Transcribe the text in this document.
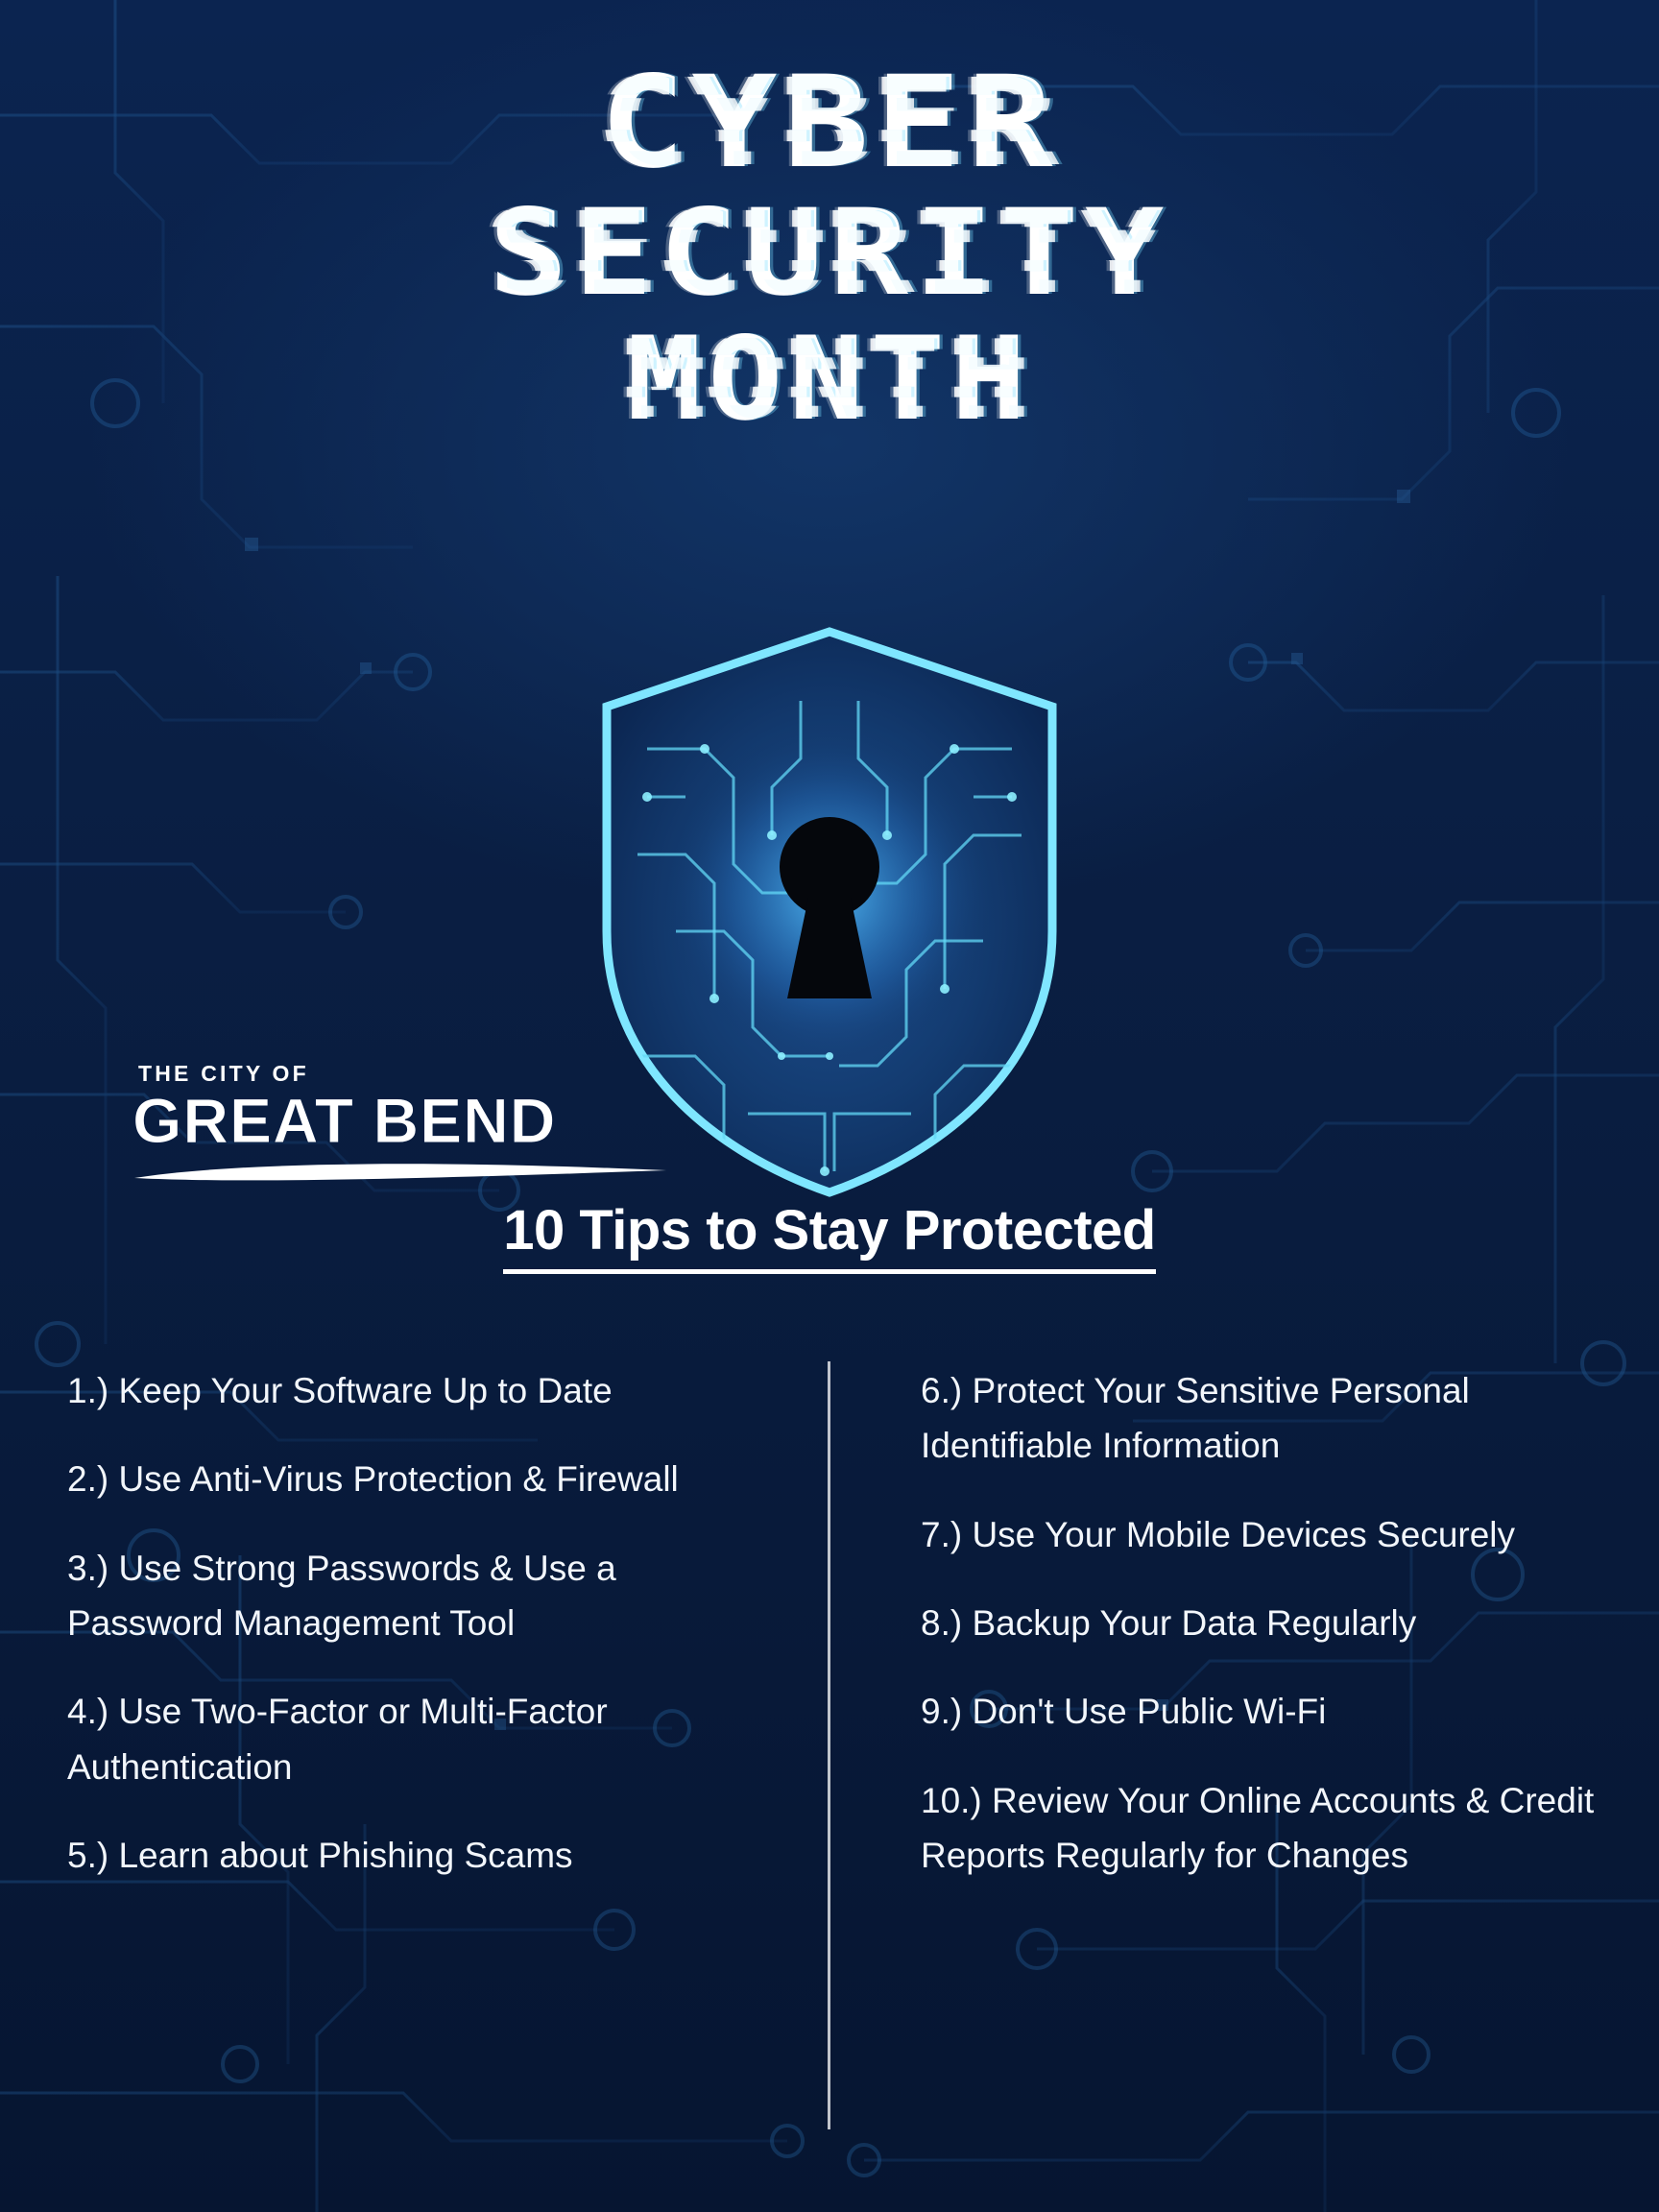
CYBER CYBER CYBER
SECURITY SECURITY SECURITY
MONTH MONTH MONTH
THE CITY OF
GREAT BEND
10 Tips to Stay Protected
1.) Keep Your Software Up to Date
2.) Use Anti-Virus Protection & Firewall
3.) Use Strong Passwords & Use a Password Management Tool
4.) Use Two-Factor or Multi-Factor Authentication
5.) Learn about Phishing Scams
6.) Protect Your Sensitive Personal Identifiable Information
7.) Use Your Mobile Devices Securely
8.) Backup Your Data Regularly
9.) Don't Use Public Wi-Fi
10.) Review Your Online Accounts & Credit Reports Regularly for Changes
